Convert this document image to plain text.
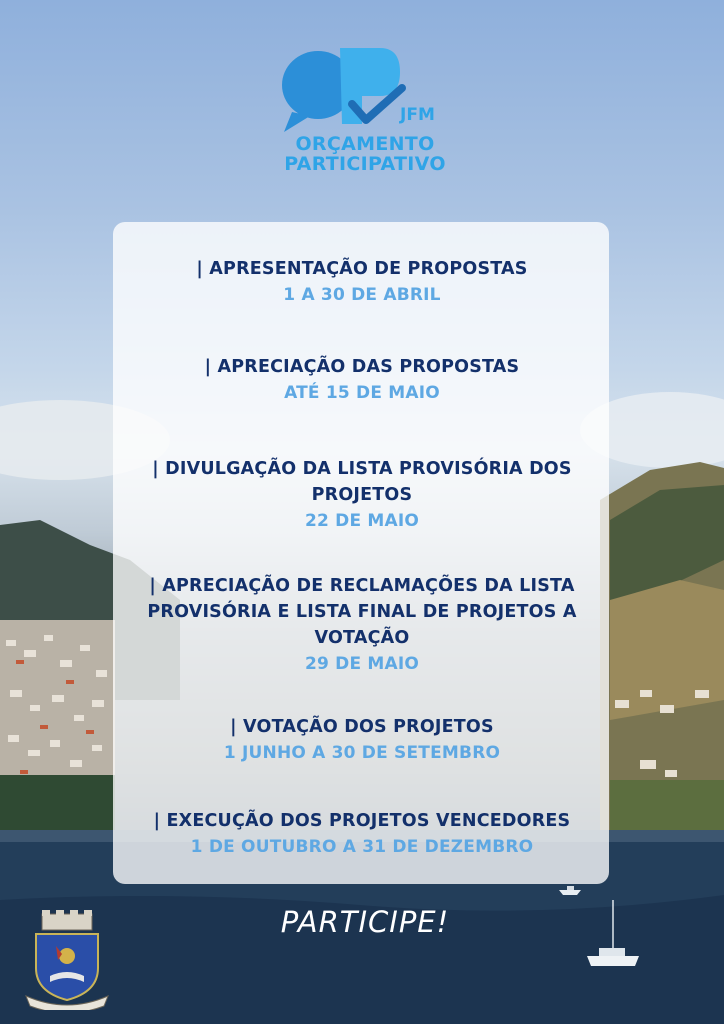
JFM
ORÇAMENTO
PARTICIPATIVO
| APRESENTAÇÃO DE PROPOSTAS
1 A 30 DE ABRIL
| APRECIAÇÃO DAS PROPOSTAS
ATÉ 15 DE MAIO
| DIVULGAÇÃO DA LISTA PROVISÓRIA DOS
PROJETOS
22 DE MAIO
| APRECIAÇÃO DE RECLAMAÇÕES DA LISTA
PROVISÓRIA E LISTA FINAL DE PROJETOS A
VOTAÇÃO
29 DE MAIO
| VOTAÇÃO DOS PROJETOS
1 JUNHO A 30 DE SETEMBRO
| EXECUÇÃO DOS PROJETOS VENCEDORES
1 DE OUTUBRO A 31 DE DEZEMBRO
PARTICIPE!
